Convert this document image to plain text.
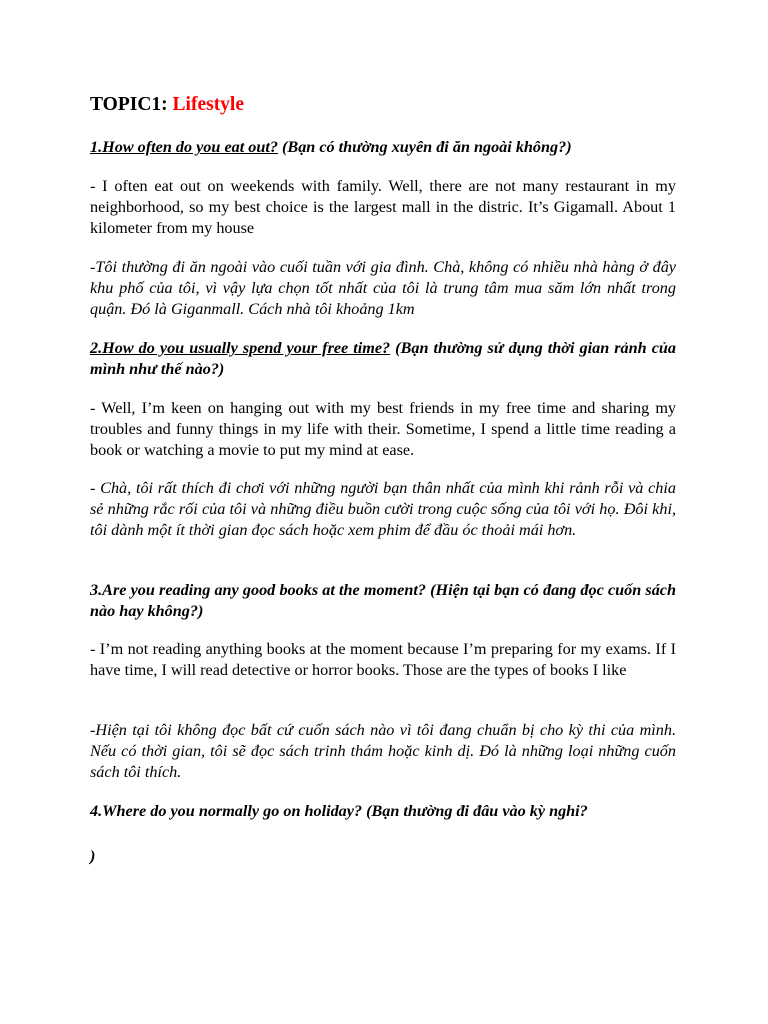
TOPIC1: Lifestyle
1.How often do you eat out? (Bạn có thường xuyên đi ăn ngoài không?)
- I often eat out on weekends with family. Well, there are not many restaurant in my neighborhood, so my best choice is the largest mall in the distric. It’s Gigamall. About 1 kilometer from my house
-Tôi thường đi ăn ngoài vào cuối tuần với gia đình. Chà, không có nhiều nhà hàng ở đây khu phố của tôi, vì vậy lựa chọn tốt nhất của tôi là trung tâm mua săm lớn nhất trong quận. Đó là Giganmall. Cách nhà tôi khoảng 1km
2.How do you usually spend your free time? (Bạn thường sử dụng thời gian rảnh của mình như thế nào?)
- Well, I’m keen on hanging out with my best friends in my free time and sharing my troubles and funny things in my life with their. Sometime, I spend a little time reading a book or watching a movie to put my mind at ease.
- Chà, tôi rất thích đi chơi với những người bạn thân nhất của mình khi rảnh rỗi và chia sẻ những rắc rối của tôi và những điều buồn cười trong cuộc sống của tôi với họ. Đôi khi, tôi dành một ít thời gian đọc sách hoặc xem phim để đầu óc thoải mái hơn.
3.Are you reading any good books at the moment? (Hiện tại bạn có đang đọc cuốn sách nào hay không?)
- I’m not reading anything books at the moment because I’m preparing for my exams. If I have time, I will read detective or horror books. Those are the types of books I like
-Hiện tại tôi không đọc bất cứ cuốn sách nào vì tôi đang chuẩn bị cho kỳ thi của mình. Nếu có thời gian, tôi sẽ đọc sách trinh thám hoặc kinh dị. Đó là những loại những cuốn sách tôi thích.
4.Where do you normally go on holiday? (Bạn thường đi đâu vào kỳ nghi?
)
